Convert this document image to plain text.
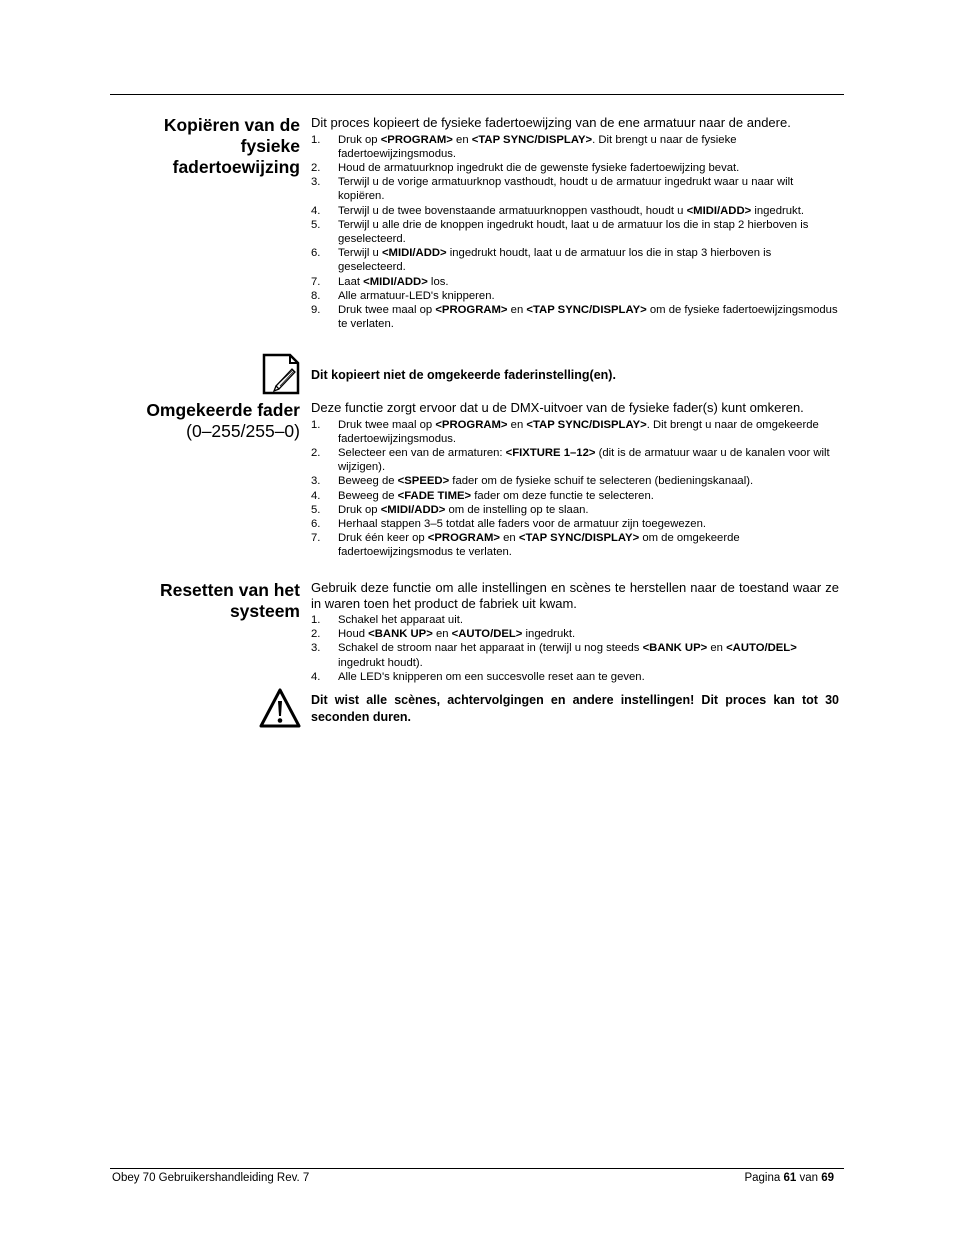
Kopiëren van de fysieke fadertoewijzing

Dit proces kopieert de fysieke fadertoewijzing van de ene armatuur naar de andere.

1. Druk op <PROGRAM> en <TAP SYNC/DISPLAY>. Dit brengt u naar de fysieke fadertoewijzingsmodus.
2. Houd de armatuurknop ingedrukt die de gewenste fysieke fadertoewijzing bevat.
3. Terwijl u de vorige armatuurknop vasthoudt, houdt u de armatuur ingedrukt waar u naar wilt kopiëren.
4. Terwijl u de twee bovenstaande armatuurknoppen vasthoudt, houdt u <MIDI/ADD> ingedrukt.
5. Terwijl u alle drie de knoppen ingedrukt houdt, laat u de armatuur los die in stap 2 hierboven is geselecteerd.
6. Terwijl u <MIDI/ADD> ingedrukt houdt, laat u de armatuur los die in stap 3 hierboven is geselecteerd.
7. Laat <MIDI/ADD> los.
8. Alle armatuur-LED's knipperen.
9. Druk twee maal op <PROGRAM> en <TAP SYNC/DISPLAY> om de fysieke fadertoewijzingsmodus te verlaten.

Dit kopieert niet de omgekeerde faderinstelling(en).

Omgekeerde fader
(0–255/255–0)

Deze functie zorgt ervoor dat u de DMX-uitvoer van de fysieke fader(s) kunt omkeren.

1. Druk twee maal op <PROGRAM> en <TAP SYNC/DISPLAY>. Dit brengt u naar de omgekeerde fadertoewijzingsmodus.
2. Selecteer een van de armaturen: <FIXTURE 1–12> (dit is de armatuur waar u de kanalen voor wilt wijzigen).
3. Beweeg de <SPEED> fader om de fysieke schuif te selecteren (bedieningskanaal).
4. Beweeg de <FADE TIME> fader om deze functie te selecteren.
5. Druk op <MIDI/ADD> om de instelling op te slaan.
6. Herhaal stappen 3–5 totdat alle faders voor de armatuur zijn toegewezen.
7. Druk één keer op <PROGRAM> en <TAP SYNC/DISPLAY> om de omgekeerde fadertoewijzingsmodus te verlaten.
Resetten van het systeem

Gebruik deze functie om alle instellingen en scènes te herstellen naar de toestand waar ze in waren toen het product de fabriek uit kwam.

1. Schakel het apparaat uit.
2. Houd <BANK UP> en <AUTO/DEL> ingedrukt.
3. Schakel de stroom naar het apparaat in (terwijl u nog steeds <BANK UP> en <AUTO/DEL> ingedrukt houdt).
4. Alle LED's knipperen om een succesvolle reset aan te geven.

Dit wist alle scènes, achtervolgingen en andere instellingen! Dit proces kan tot 30 seconden duren.

Obey 70 Gebruikershandleiding Rev. 7	Pagina 61 van 69
